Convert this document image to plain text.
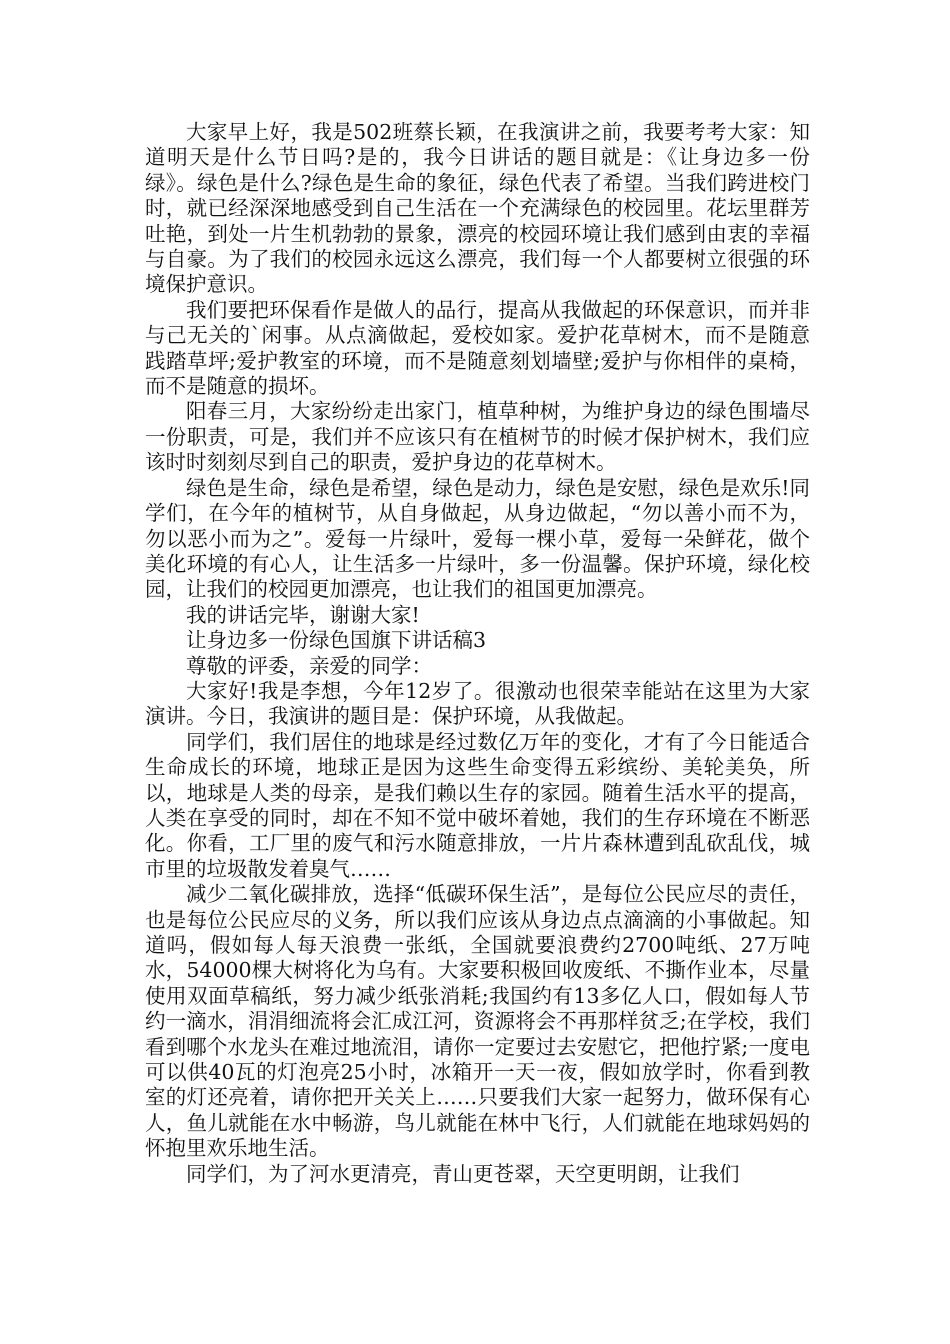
大家早上好，我是502班蔡长颖，在我演讲之前，我要考考大家：知道明天是什么节日吗?是的，我今日讲话的题目就是：《让身边多一份绿》。绿色是什么?绿色是生命的象征，绿色代表了希望。当我们跨进校门时，就已经深深地感受到自己生活在一个充满绿色的校园里。花坛里群芳吐艳，到处一片生机勃勃的景象，漂亮的校园环境让我们感到由衷的幸福与自豪。为了我们的校园永远这么漂亮，我们每一个人都要树立很强的环境保护意识。

我们要把环保看作是做人的品行，提高从我做起的环保意识，而并非与己无关的`闲事。从点滴做起，爱校如家。爱护花草树木，而不是随意践踏草坪;爱护教室的环境，而不是随意刻划墙壁;爱护与你相伴的桌椅，而不是随意的损坏。

阳春三月，大家纷纷走出家门，植草种树，为维护身边的绿色围墙尽一份职责，可是，我们并不应该只有在植树节的时候才保护树木，我们应该时时刻刻尽到自己的职责，爱护身边的花草树木。

绿色是生命，绿色是希望，绿色是动力，绿色是安慰，绿色是欢乐!同学们，在今年的植树节，从自身做起，从身边做起，“勿以善小而不为，勿以恶小而为之”。爱每一片绿叶，爱每一棵小草，爱每一朵鲜花，做个美化环境的有心人，让生活多一片绿叶，多一份温馨。保护环境，绿化校园，让我们的校园更加漂亮，也让我们的祖国更加漂亮。

我的讲话完毕，谢谢大家!

让身边多一份绿色国旗下讲话稿3

尊敬的评委，亲爱的同学：

大家好!我是李想，今年12岁了。很激动也很荣幸能站在这里为大家演讲。今日，我演讲的题目是：保护环境，从我做起。

同学们，我们居住的地球是经过数亿万年的变化，才有了今日能适合生命成长的环境，地球正是因为这些生命变得五彩缤纷、美轮美奂，所以，地球是人类的母亲，是我们赖以生存的家园。随着生活水平的提高，人类在享受的同时，却在不知不觉中破坏着她，我们的生存环境在不断恶化。你看，工厂里的废气和污水随意排放，一片片森林遭到乱砍乱伐，城市里的垃圾散发着臭气……

减少二氧化碳排放，选择“低碳环保生活”，是每位公民应尽的责任，也是每位公民应尽的义务，所以我们应该从身边点点滴滴的小事做起。知道吗，假如每人每天浪费一张纸，全国就要浪费约2700吨纸、27万吨水，54000棵大树将化为乌有。大家要积极回收废纸、不撕作业本，尽量使用双面草稿纸，努力减少纸张消耗;我国约有13多亿人口，假如每人节约一滴水，涓涓细流将会汇成江河，资源将会不再那样贫乏;在学校，我们看到哪个水龙头在难过地流泪，请你一定要过去安慰它，把他拧紧;一度电可以供40瓦的灯泡亮25小时，冰箱开一天一夜，假如放学时，你看到教室的灯还亮着，请你把开关关上……只要我们大家一起努力，做环保有心人，鱼儿就能在水中畅游，鸟儿就能在林中飞行，人们就能在地球妈妈的怀抱里欢乐地生活。

同学们，为了河水更清亮，青山更苍翠，天空更明朗，让我们
